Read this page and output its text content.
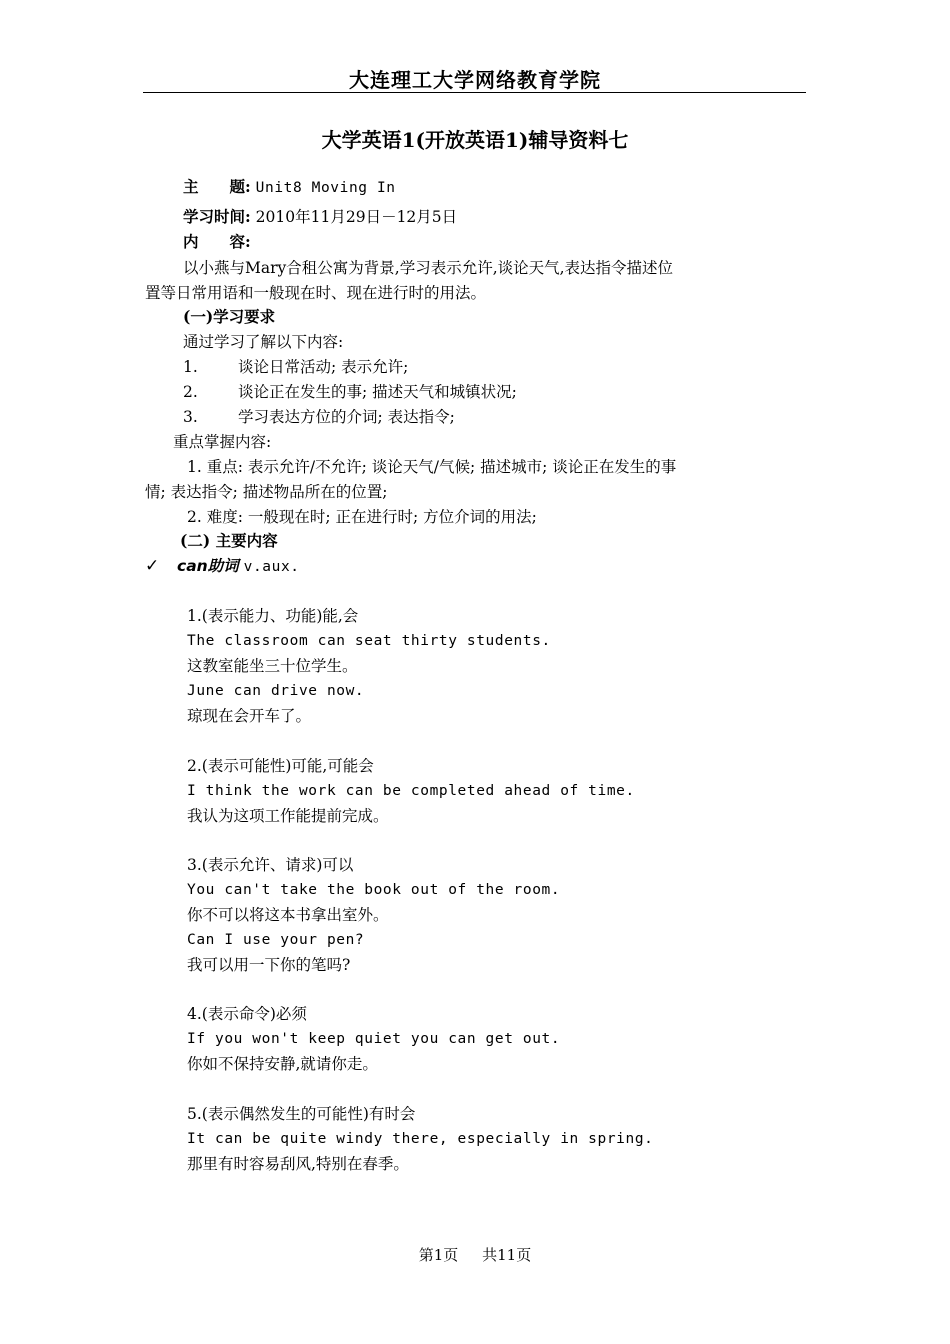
大连理工大学网络教育学院
大学英语1(开放英语1)辅导资料七
主　　题: Unit8 Moving In
学习时间: 2010年11月29日－12月5日
内　　容:
以小燕与Mary合租公寓为背景,学习表示允许,谈论天气,表达指令描述位
置等日常用语和一般现在时、现在进行时的用法。
(一)学习要求
通过学习了解以下内容:
1.	谈论日常活动; 表示允许;
2.	谈论正在发生的事; 描述天气和城镇状况;
3.	学习表达方位的介词; 表达指令;
重点掌握内容:
1. 重点: 表示允许/不允许; 谈论天气/气候; 描述城市; 谈论正在发生的事
情; 表达指令; 描述物品所在的位置;
2. 难度: 一般现在时; 正在进行时; 方位介词的用法;
(二) 主要内容
✓ can助词 v.aux.
1.(表示能力、功能)能,会
The classroom can seat thirty students.
这教室能坐三十位学生。
June can drive now.
琼现在会开车了。
2.(表示可能性)可能,可能会
I think the work can be completed ahead of time.
我认为这项工作能提前完成。
3.(表示允许、请求)可以
You can't take the book out of the room.
你不可以将这本书拿出室外。
Can I use your pen?
我可以用一下你的笔吗?
4.(表示命令)必须
If you won't keep quiet you can get out.
你如不保持安静,就请你走。
5.(表示偶然发生的可能性)有时会
It can be quite windy there, especially in spring.
那里有时容易刮风,特别在春季。
第1页 共11页
